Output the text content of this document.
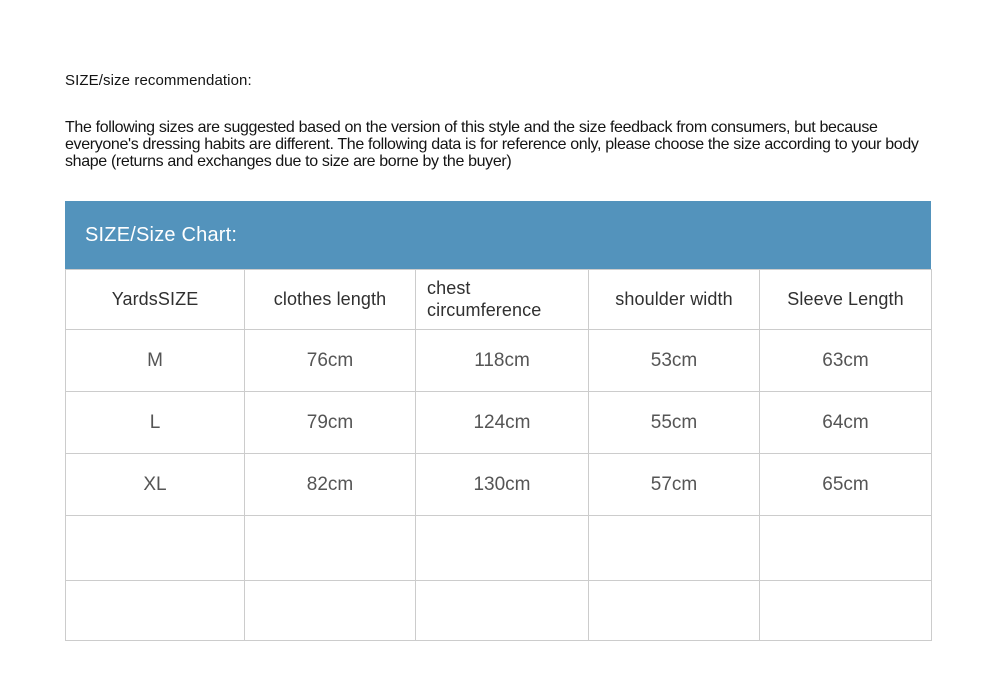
SIZE/size recommendation:

The following sizes are suggested based on the version of this style and the size feedback from consumers, but because everyone's dressing habits are different. The following data is for reference only, please choose the size according to your body shape (returns and exchanges due to size are borne by the buyer)

SIZE/Size Chart:
YardsSIZE	clothes length	chest circumference	shoulder width	Sleeve Length
M	76cm	118cm	53cm	63cm
L	79cm	124cm	55cm	64cm
XL	82cm	130cm	57cm	65cm
